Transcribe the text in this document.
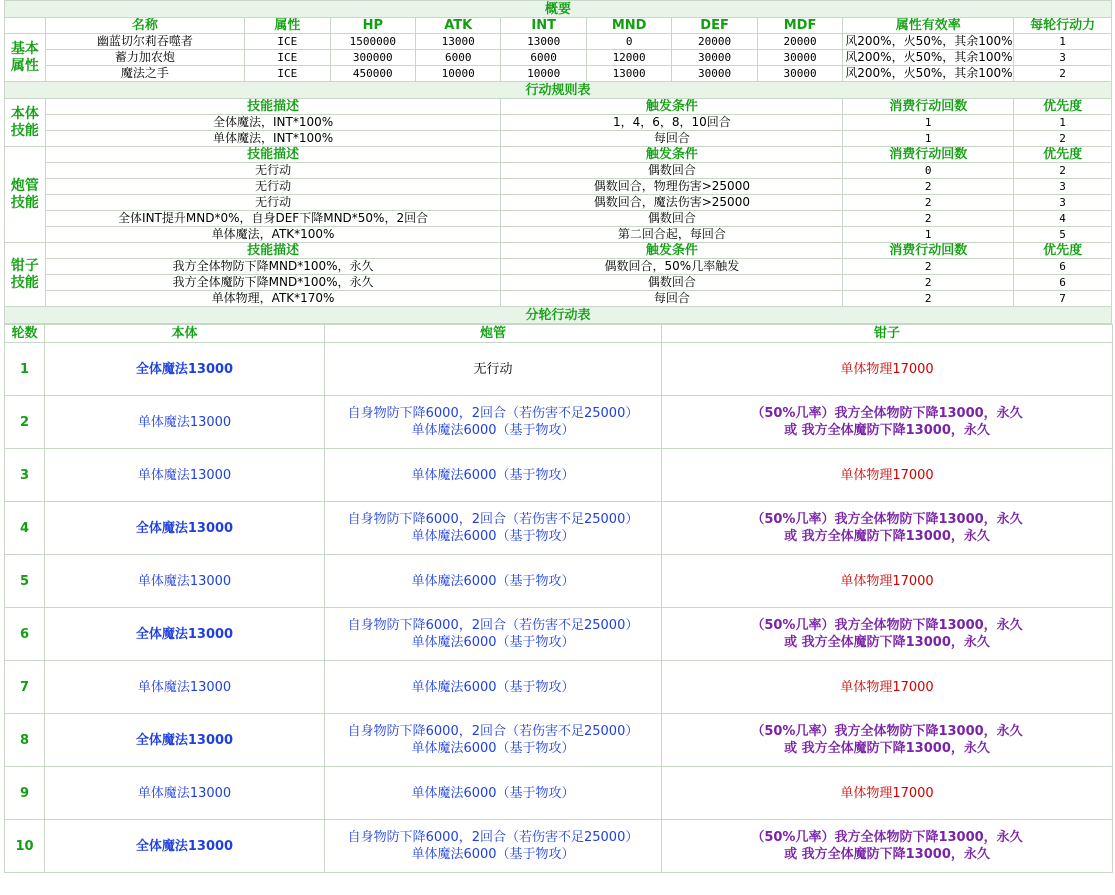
概要										
	名称	属性	HP	ATK	INT	MND	DEF	MDF	属性有效率	每轮行动力
基本属性	幽蓝切尔莉吞噬者	ICE	1500000	13000	13000	0	20000	20000	风200%，火50%，其余100%	1
	蓄力加农炮	ICE	300000	6000	6000	12000	30000	30000	风200%，火50%，其余100%	3
	魔法之手	ICE	450000	10000	10000	13000	30000	30000	风200%，火50%，其余100%	2
行动规则表										
本体技能	技能描述				触发条件				消费行动回数	优先度
	全体魔法，INT*100%				1，4，6，8，10回合				1	1
	单体魔法，INT*100%				每回合				1	2
炮管技能	技能描述				触发条件				消费行动回数	优先度
	无行动				偶数回合				0	2
	无行动				偶数回合，物理伤害>25000				2	3
	无行动				偶数回合，魔法伤害>25000				2	3
	全体INT提升MND*0%，自身DEF下降MND*50%，2回合				偶数回合				2	4
	单体魔法，ATK*100%				第二回合起，每回合				1	5
钳子技能	技能描述				触发条件				消费行动回数	优先度
	我方全体物防下降MND*100%，永久				偶数回合，50%几率触发				2	6
	我方全体魔防下降MND*100%，永久				偶数回合				2	6
	单体物理，ATK*170%				每回合				2	7
分轮行动表										
轮数	本体	炮管	钳子
1	全体魔法13000	无行动	单体物理17000
2	单体魔法13000	自身物防下降6000，2回合（若伤害不足25000）
单体魔法6000（基于物攻）	（50%几率）我方全体物防下降13000，永久
或 我方全体魔防下降13000，永久
3	单体魔法13000	单体魔法6000（基于物攻）	单体物理17000
4	全体魔法13000	自身物防下降6000，2回合（若伤害不足25000）
单体魔法6000（基于物攻）	（50%几率）我方全体物防下降13000，永久
或 我方全体魔防下降13000，永久
5	单体魔法13000	单体魔法6000（基于物攻）	单体物理17000
6	全体魔法13000	自身物防下降6000，2回合（若伤害不足25000）
单体魔法6000（基于物攻）	（50%几率）我方全体物防下降13000，永久
或 我方全体魔防下降13000，永久
7	单体魔法13000	单体魔法6000（基于物攻）	单体物理17000
8	全体魔法13000	自身物防下降6000，2回合（若伤害不足25000）
单体魔法6000（基于物攻）	（50%几率）我方全体物防下降13000，永久
或 我方全体魔防下降13000，永久
9	单体魔法13000	单体魔法6000（基于物攻）	单体物理17000
10	全体魔法13000	自身物防下降6000，2回合（若伤害不足25000）
单体魔法6000（基于物攻）	（50%几率）我方全体物防下降13000，永久
或 我方全体魔防下降13000，永久
